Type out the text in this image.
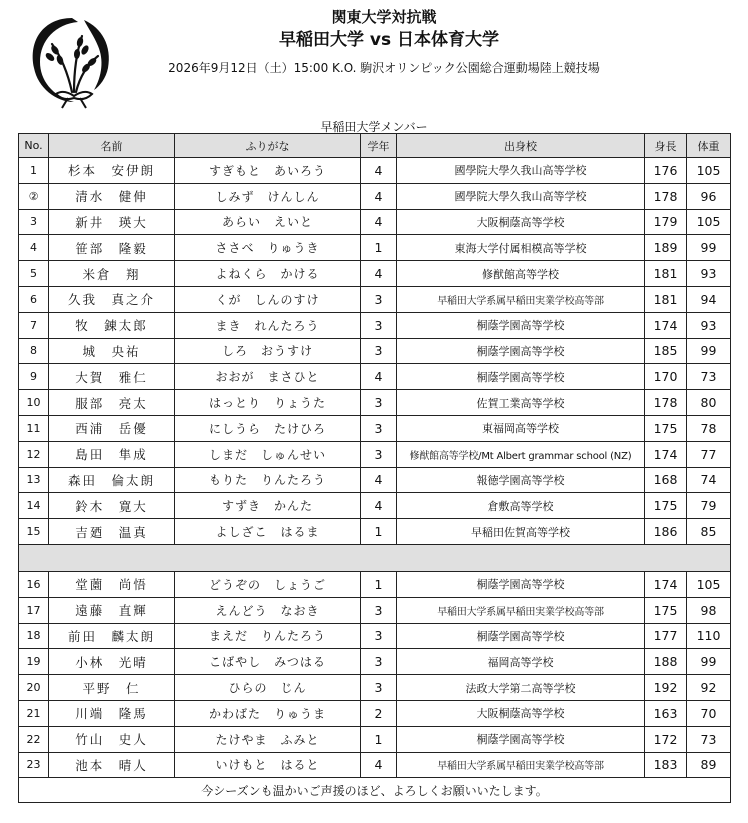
関東大学対抗戦
早稲田大学 vs 日本体育大学
2026年9月12日（土）15:00 K.O. 駒沢オリンピック公園総合運動場陸上競技場
早稲田大学メンバー
No.	名前	ふりがな	学年	出身校	身長	体重
1	杉本　安伊朗	すぎもと　あいろう	4	國學院大學久我山高等学校	176	105
②	清水　健伸	しみず　けんしん	4	國學院大學久我山高等学校	178	96
3	新井　瑛大	あらい　えいと	4	大阪桐蔭高等学校	179	105
4	笹部　隆毅	ささべ　りゅうき	1	東海大学付属相模高等学校	189	99
5	米倉　翔	よねくら　かける	4	修猷館高等学校	181	93
6	久我　真之介	くが　しんのすけ	3	早稲田大学系属早稲田実業学校高等部	181	94
7	牧　錬太郎	まき　れんたろう	3	桐蔭学園高等学校	174	93
8	城　央祐	しろ　おうすけ	3	桐蔭学園高等学校	185	99
9	大賀　雅仁	おおが　まさひと	4	桐蔭学園高等学校	170	73
10	服部　亮太	はっとり　りょうた	3	佐賀工業高等学校	178	80
11	西浦　岳優	にしうら　たけひろ	3	東福岡高等学校	175	78
12	島田　隼成	しまだ　しゅんせい	3	修猷館高等学校/Mt Albert grammar school (NZ)	174	77
13	森田　倫太朗	もりた　りんたろう	4	報徳学園高等学校	168	74
14	鈴木　寛大	すずき　かんた	4	倉敷高等学校	175	79
15	吉廼　温真	よしざこ　はるま	1	早稲田佐賀高等学校	186	85

16	堂薗　尚悟	どうぞの　しょうご	1	桐蔭学園高等学校	174	105
17	遠藤　直輝	えんどう　なおき	3	早稲田大学系属早稲田実業学校高等部	175	98
18	前田　麟太朗	まえだ　りんたろう	3	桐蔭学園高等学校	177	110
19	小林　光晴	こばやし　みつはる	3	福岡高等学校	188	99
20	平野　仁	ひらの　じん	3	法政大学第二高等学校	192	92
21	川端　隆馬	かわばた　りゅうま	2	大阪桐蔭高等学校	163	70
22	竹山　史人	たけやま　ふみと	1	桐蔭学園高等学校	172	73
23	池本　晴人	いけもと　はると	4	早稲田大学系属早稲田実業学校高等部	183	89
今シーズンも温かいご声援のほど、よろしくお願いいたします。						
